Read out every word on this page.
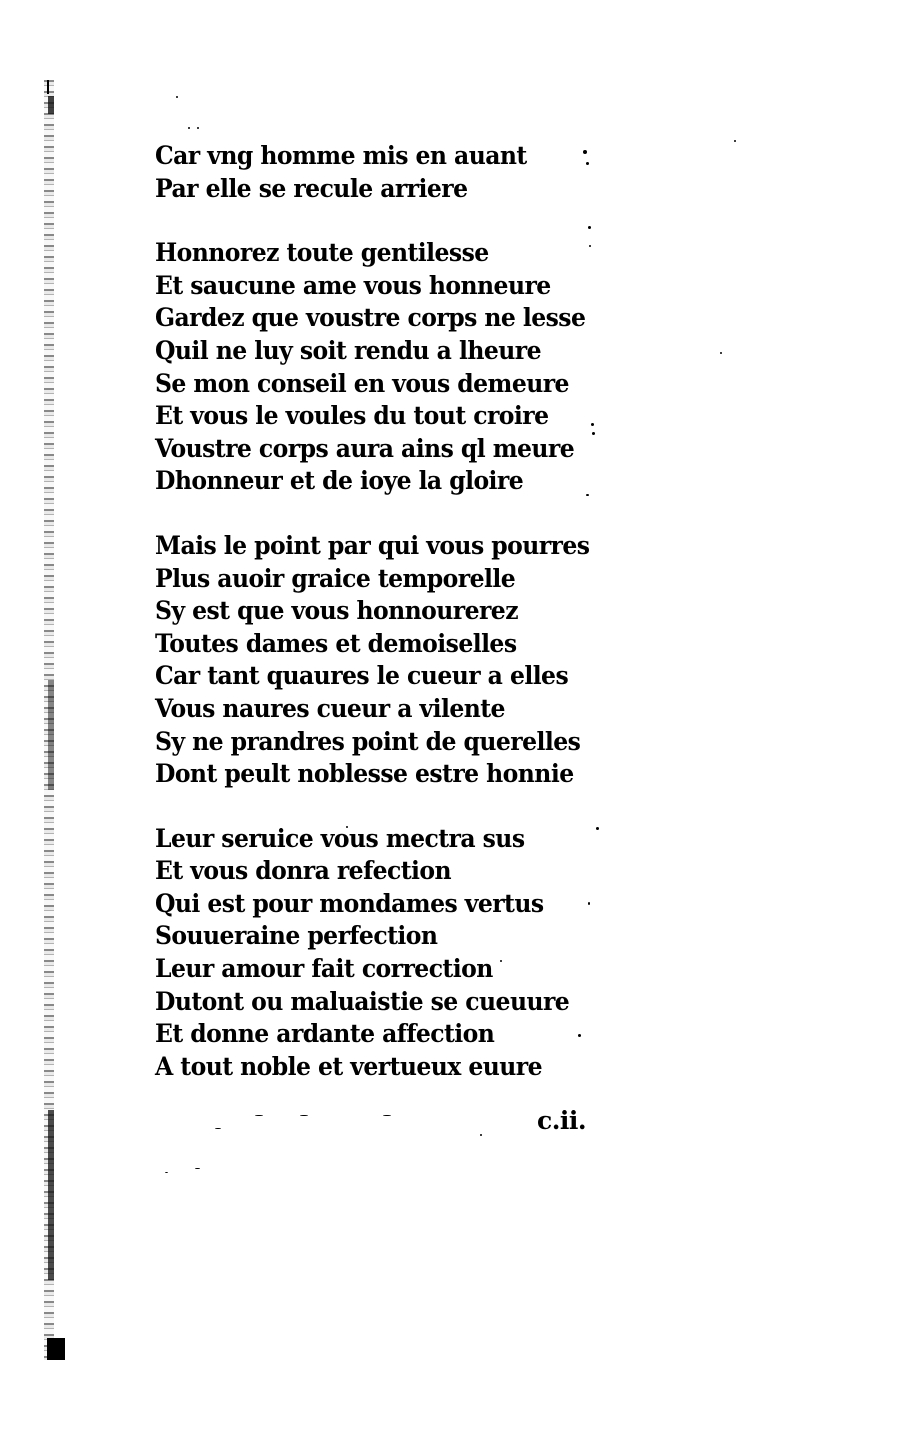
Car vng homme mis en auant
Par elle se recule arriere
Honnorez toute gentilesse
Et saucune ame vous honneure
Gardez que voustre corps ne lesse
Quil ne luy soit rendu a lheure
Se mon conseil en vous demeure
Et vous le voules du tout croire
Voustre corps aura ains ql meure
Dhonneur et de ioye la gloire
Mais le point par qui vous pourres
Plus auoir graice temporelle
Sy est que vous honnourerez
Toutes dames et demoiselles
Car tant quaures le cueur a elles
Vous naures cueur a vilente
Sy ne prandres point de querelles
Dont peult noblesse estre honnie
Leur seruice vous mectra sus
Et vous donra refection
Qui est pour mondames vertus
Souueraine perfection
Leur amour fait correction
Dutont ou maluaistie se cueuure
Et donne ardante affection
A tout noble et vertueux euure
c.ii.
